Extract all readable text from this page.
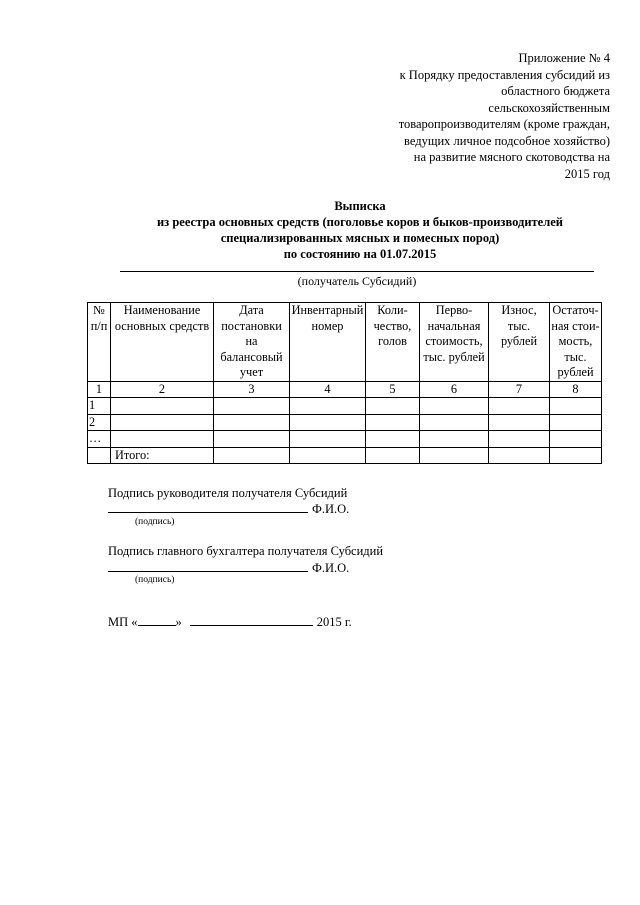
Приложение № 4
к Порядку предоставления субсидий из
областного бюджета
сельскохозяйственным
товаропроизводителям (кроме граждан,
ведущих личное подсобное хозяйство)
на развитие мясного скотоводства на
2015 год
Выписка
из реестра основных средств (поголовье коров и быков-производителей
специализированных мясных и помесных пород)
по состоянию на 01.07.2015
(получатель Субсидий)
№ п/п	Наименование основных средств	Дата постановки на балансовый учет	Инвентарный номер	Коли-чество, голов	Перво-начальная стоимость, тыс. рублей	Износ, тыс. рублей	Остаточ-ная стои-мость, тыс. рублей
1	2	3	4	5	6	7	8
1							
2							
…							
	Итого:						
Подпись руководителя получателя Субсидий
Ф.И.О.
(подпись)
Подпись главного бухгалтера получателя Субсидий
Ф.И.О.
(подпись)
МП «	»	2015 г.
